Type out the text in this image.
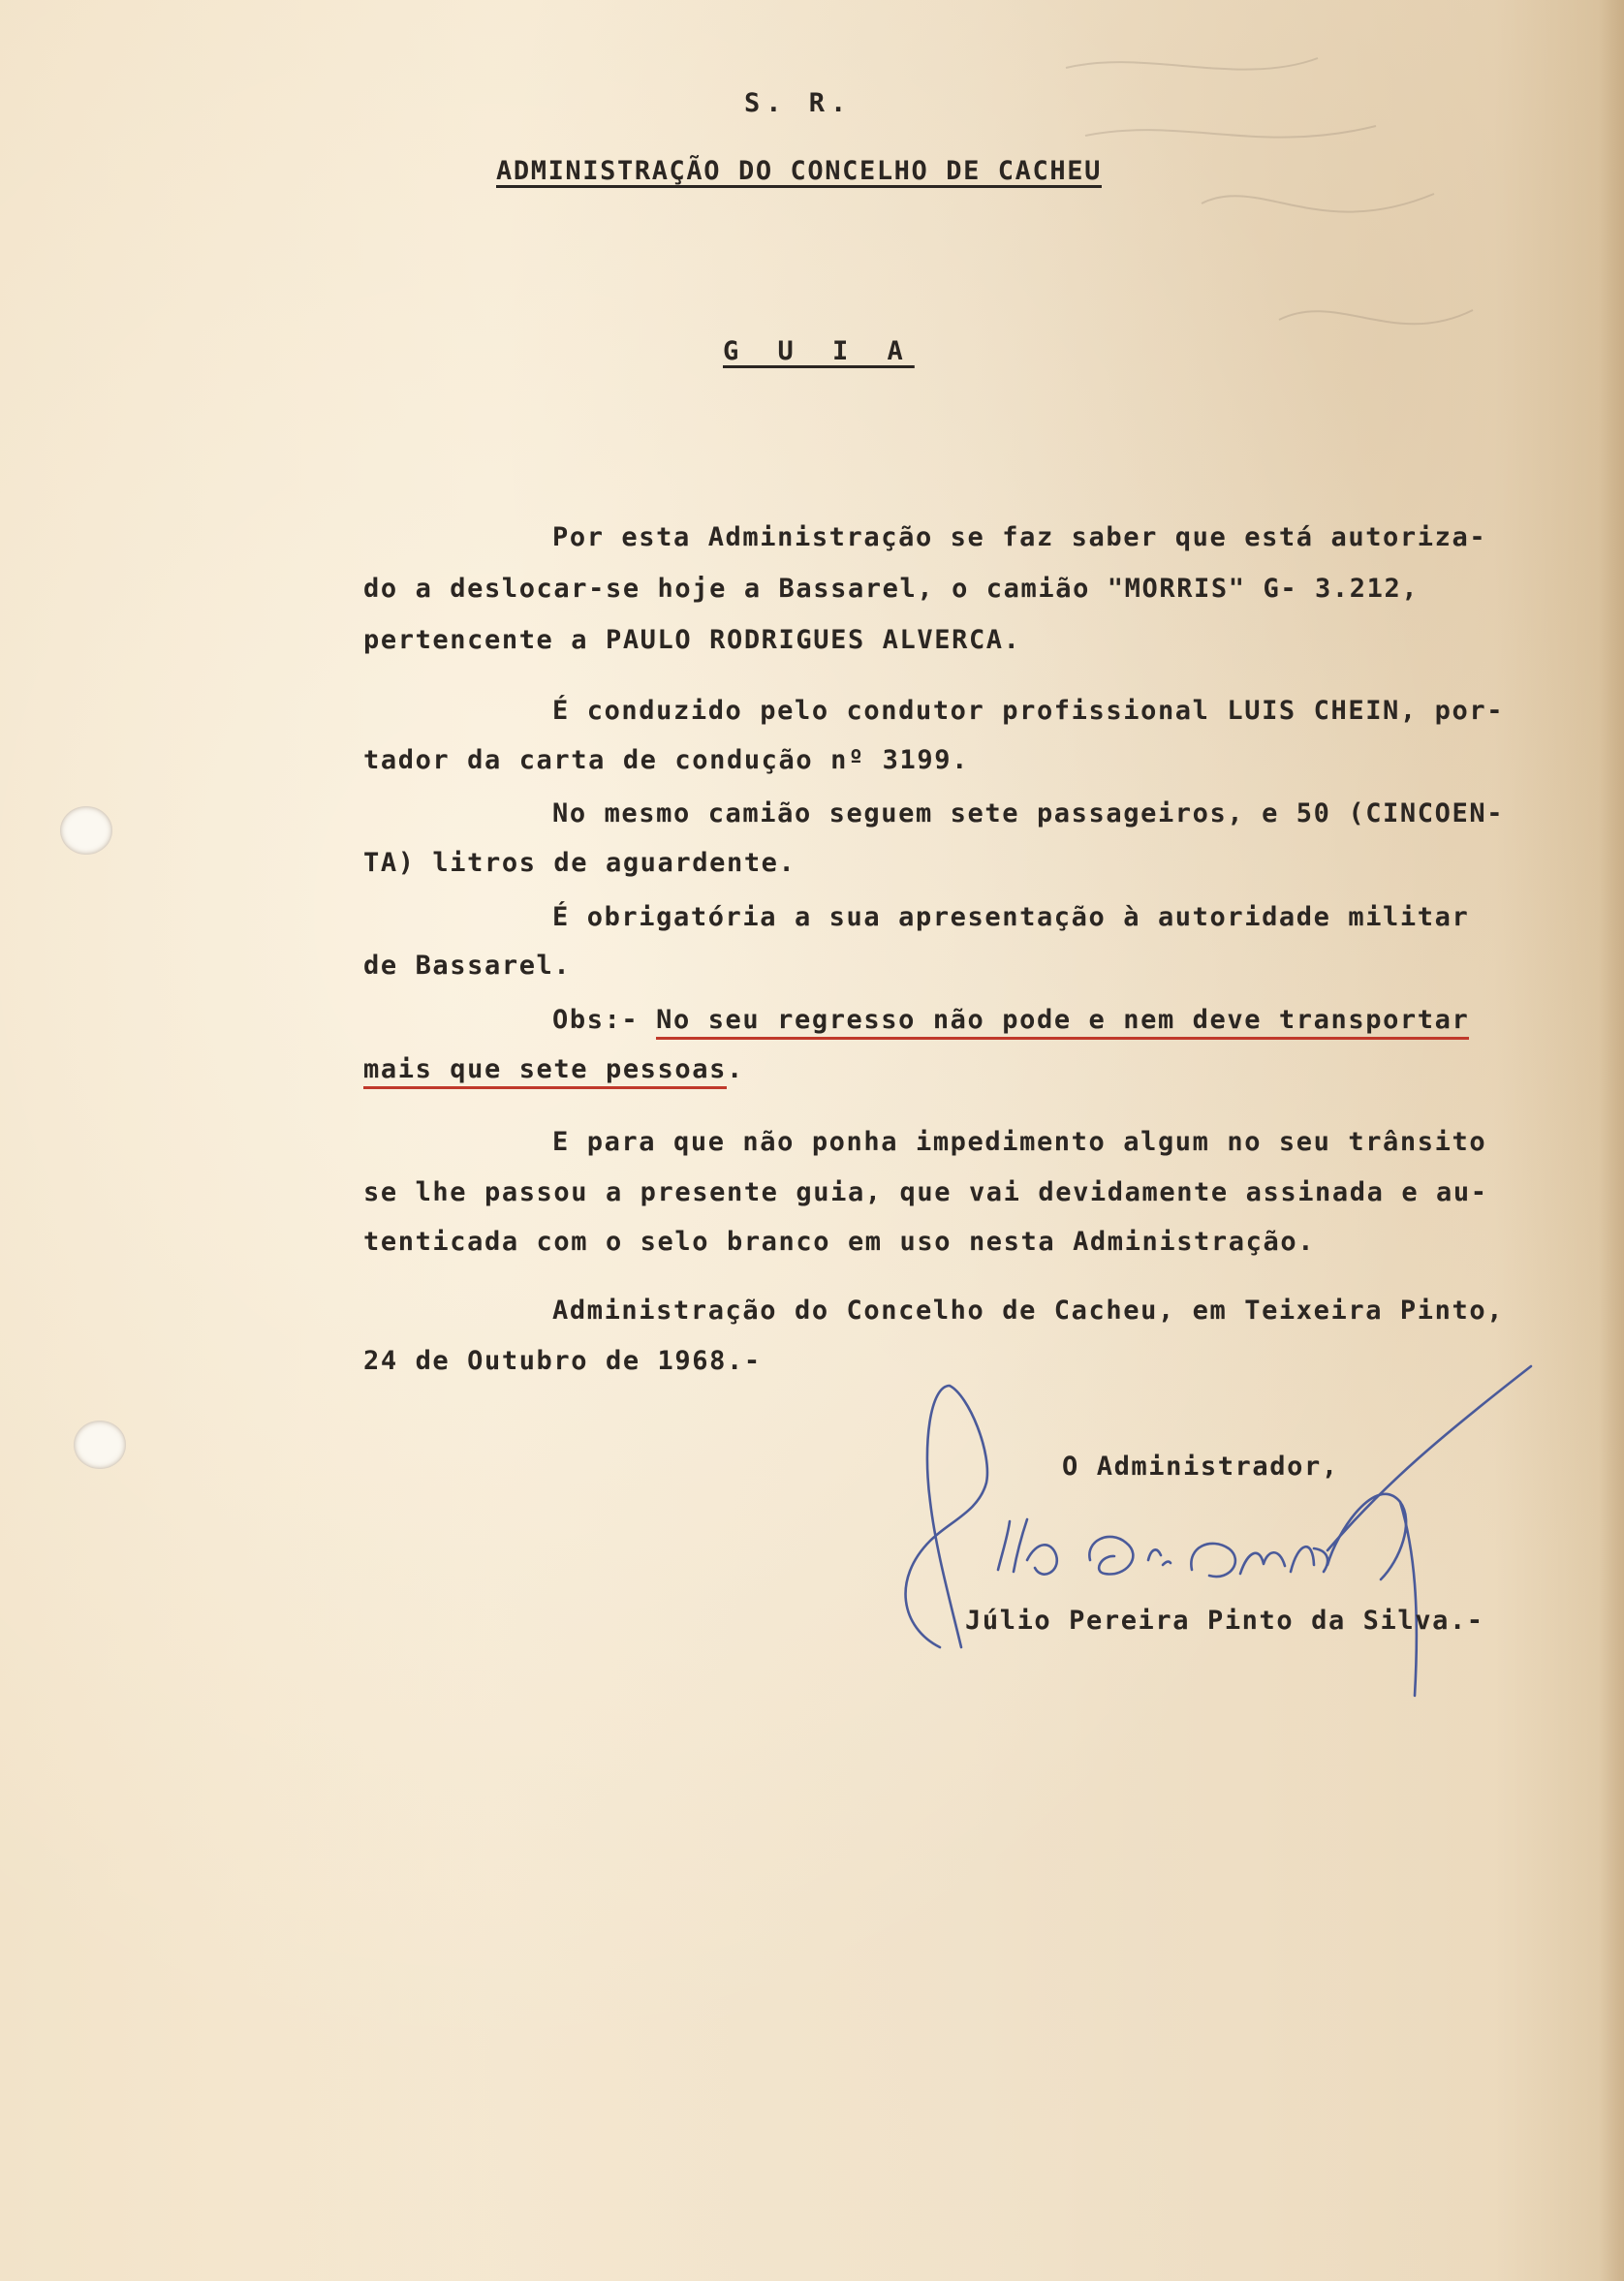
S. R.
ADMINISTRAÇÃO DO CONCELHO DE CACHEU
G U I A
Por esta Administração se faz saber que está autoriza-
do a deslocar-se hoje a Bassarel, o camião "MORRIS" G- 3.212,
pertencente a PAULO RODRIGUES ALVERCA.
É conduzido pelo condutor profissional LUIS CHEIN, por-
tador da carta de condução nº 3199.
No mesmo camião seguem sete passageiros, e 50 (CINCOEN-
TA) litros de aguardente.
É obrigatória a sua apresentação à autoridade militar
de Bassarel.
Obs:- No seu regresso não pode e nem deve transportar
mais que sete pessoas.
E para que não ponha impedimento algum no seu trânsito
se lhe passou a presente guia, que vai devidamente assinada e au-
tenticada com o selo branco em uso nesta Administração.
Administração do Concelho de Cacheu, em Teixeira Pinto,
24 de Outubro de 1968.-
O Administrador,
Júlio Pereira Pinto da Silva.-
